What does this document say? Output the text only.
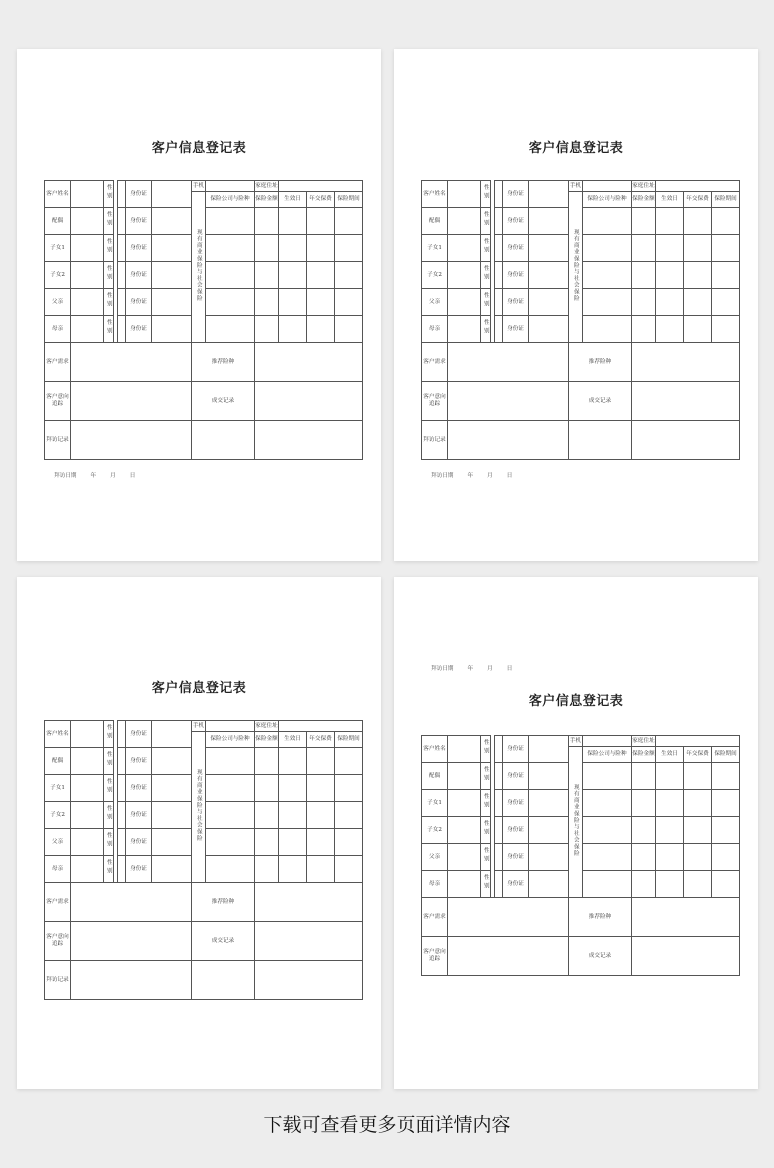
客户信息登记表
客户姓名		性别			身份证		手机		家庭住址			
							现有商业保险与社会保险	保险公司与险种	保险金额	生效日	年交保费	保险期间
配偶		性别			身份证							
子女1		性别			身份证							
子女2		性别			身份证							
父亲		性别			身份证							
母亲		性别			身份证							
客户需求							推荐险种					
客户意向追踪							成交记录					
拜访记录												

拜访日期	年	月	日

客户信息登记表
客户姓名		性别			身份证		手机		家庭住址			
							现有商业保险与社会保险	保险公司与险种	保险金额	生效日	年交保费	保险期间
配偶		性别			身份证							
子女1		性别			身份证							
子女2		性别			身份证							
父亲		性别			身份证							
母亲		性别			身份证							
客户需求							推荐险种					
客户意向追踪							成交记录					
拜访记录												

拜访日期	年	月	日

客户信息登记表
客户姓名		性别			身份证		手机		家庭住址			
							现有商业保险与社会保险	保险公司与险种	保险金额	生效日	年交保费	保险期间
配偶		性别			身份证							
子女1		性别			身份证							
子女2		性别			身份证							
父亲		性别			身份证							
母亲		性别			身份证							
客户需求							推荐险种					
客户意向追踪							成交记录					
拜访记录												

拜访日期	年	月	日

客户信息登记表
客户姓名		性别			身份证		手机		家庭住址			
							现有商业保险与社会保险	保险公司与险种	保险金额	生效日	年交保费	保险期间
配偶		性别			身份证							
子女1		性别			身份证							
子女2		性别			身份证							
父亲		性别			身份证							
母亲		性别			身份证							
客户需求							推荐险种					
客户意向追踪							成交记录					
下载可查看更多页面详情内容
